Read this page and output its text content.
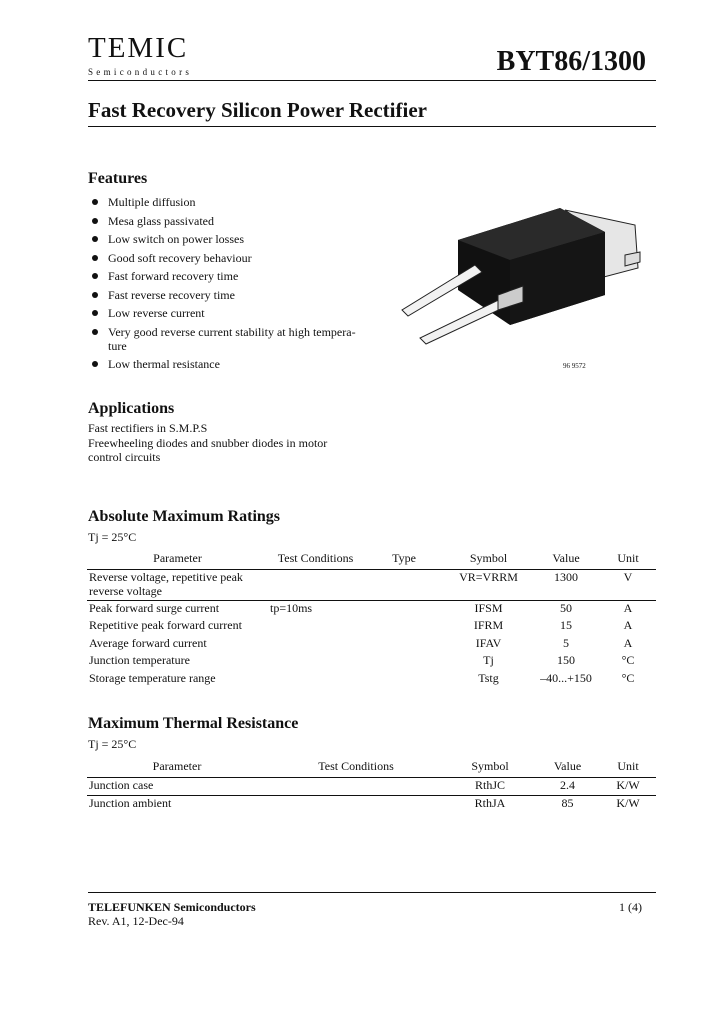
TEMIC
Semiconductors	BYT86/1300
Fast Recovery Silicon Power Rectifier
Features
Multiple diffusion
Mesa glass passivated
Low switch on power losses
Good soft recovery behaviour
Fast forward recovery time
Fast reverse recovery time
Low reverse current
Very good reverse current stability at high tempera-ture
Low thermal resistance	96 9572
Applications
Fast rectifiers in S.M.P.S
Freewheeling diodes and snubber diodes in motor
control circuits
Absolute Maximum Ratings
Tj = 25°C
Parameter	Test Conditions	Type	Symbol	Value	Unit
Reverse voltage, repetitive peak reverse voltage			VR=VRRM	1300	V
Peak forward surge current	tp=10ms		IFSM	50	A
Repetitive peak forward current			IFRM	15	A
Average forward current			IFAV	5	A
Junction temperature			Tj	150	°C
Storage temperature range			Tstg	–40...+150	°C
Maximum Thermal Resistance
Tj = 25°C
Parameter	Test Conditions	Symbol	Value	Unit
Junction case		RthJC	2.4	K/W
Junction ambient		RthJA	85	K/W
TELEFUNKEN Semiconductors
Rev. A1, 12-Dec-94
1 (4)
